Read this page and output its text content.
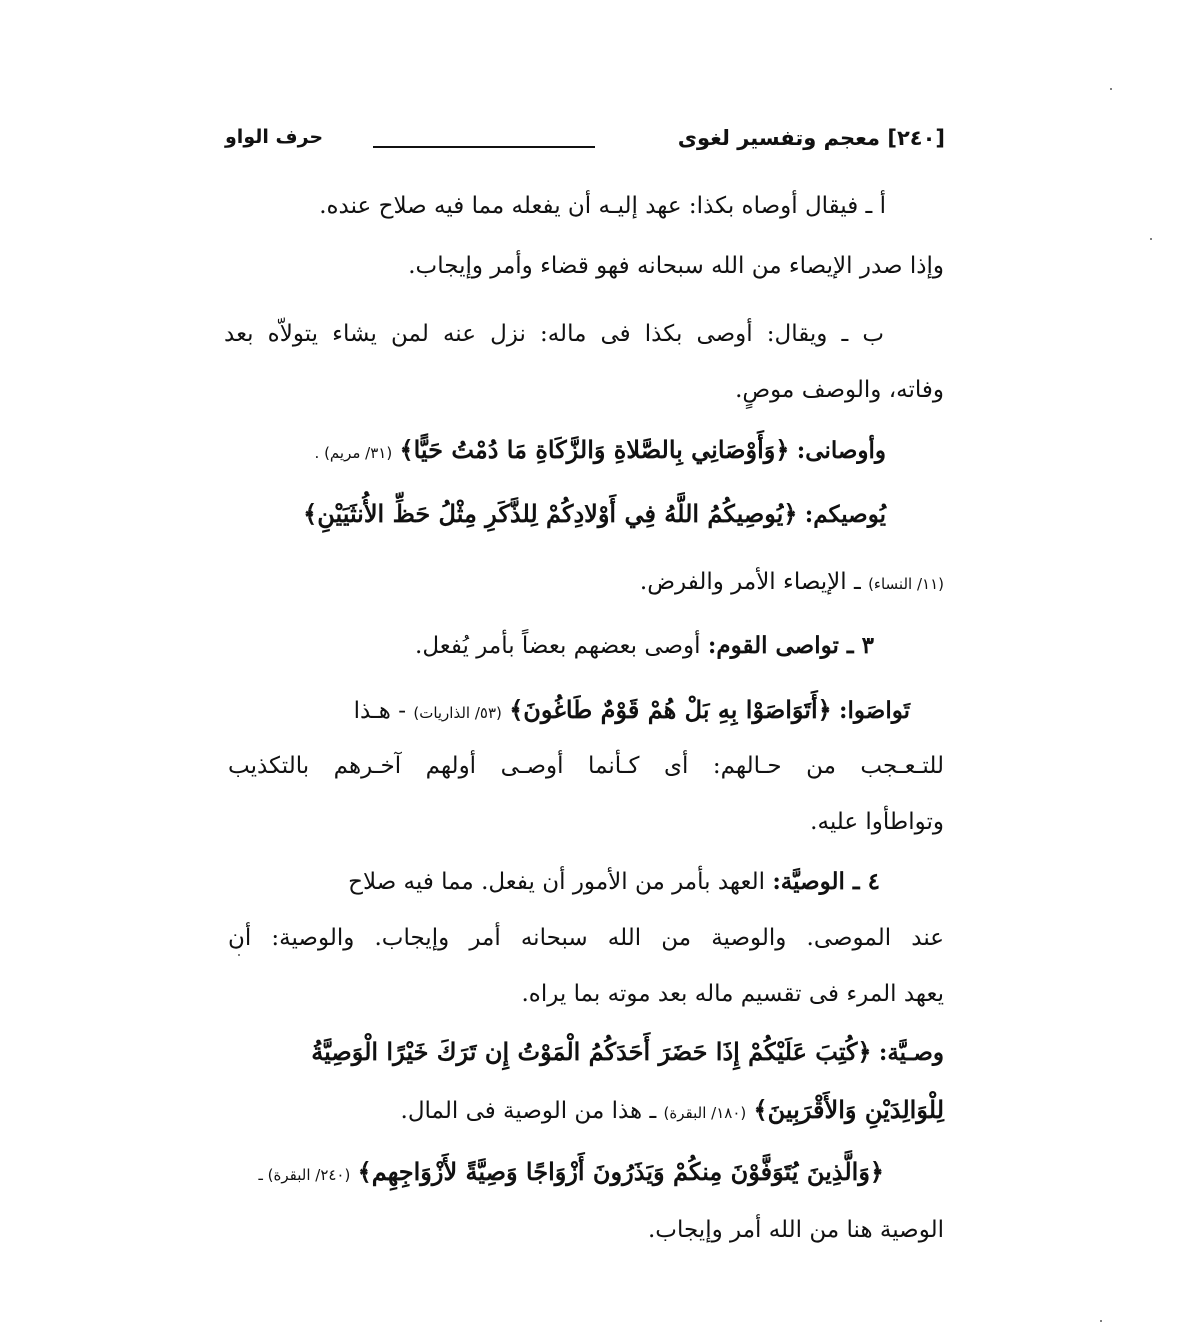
[٢٤٠] معجم وتفسير لغوى
حرف الواو
أ ـ فيقال أوصاه بكذا: عهد إليـه أن يفعله مما فيه صلاح عنده.
وإذا صدر الإيصاء من الله سبحانه فهو قضاء وأمر وإيجاب.
ب ـ ويقال: أوصى بكذا فى ماله: نزل عنه لمن يشاء يتولاّه بعد
وفاته، والوصف موصٍ.
وأوصانى: ﴿وَأَوْصَانِي بِالصَّلاةِ وَالزَّكَاةِ مَا دُمْتُ حَيًّا﴾ (٣١/ مريم) .
يُوصيكم: ﴿يُوصِيكُمُ اللَّهُ فِي أَوْلادِكُمْ لِلذَّكَرِ مِثْلُ حَظِّ الأُنثَيَيْنِ﴾
(١١/ النساء) ـ الإيصاء الأمر والفرض.
٣ ـ تواصى القوم: أوصى بعضهم بعضاً بأمر يُفعل.
تَواصَوا: ﴿أَتَوَاصَوْا بِهِ بَلْ هُمْ قَوْمٌ طَاغُونَ﴾ (٥٣/ الذاريات) - هـذا
للتـعـجب من حـالهم: أى كـأنما أوصـى أولهم آخـرهم بالتكذيب
وتواطأوا عليه.
٤ ـ الوصيَّة: العهد بأمر من الأمور أن يفعل. مما فيه صلاح
عند الموصى. والوصية من الله سبحانه أمر وإيجاب. والوصية: أن
يعهد المرء فى تقسيم ماله بعد موته بما يراه.
وصـيَّة: ﴿كُتِبَ عَلَيْكُمْ إِذَا حَضَرَ أَحَدَكُمُ الْمَوْتُ إِن تَرَكَ خَيْرًا الْوَصِيَّةُ
لِلْوَالِدَيْنِ وَالأَقْرَبِينَ﴾ (١٨٠/ البقرة) ـ هذا من الوصية فى المال.
﴿وَالَّذِينَ يُتَوَفَّوْنَ مِنكُمْ وَيَذَرُونَ أَزْوَاجًا وَصِيَّةً لأَزْوَاجِهِم﴾ (٢٤٠/ البقرة) ـ
الوصية هنا من الله أمر وإيجاب.
